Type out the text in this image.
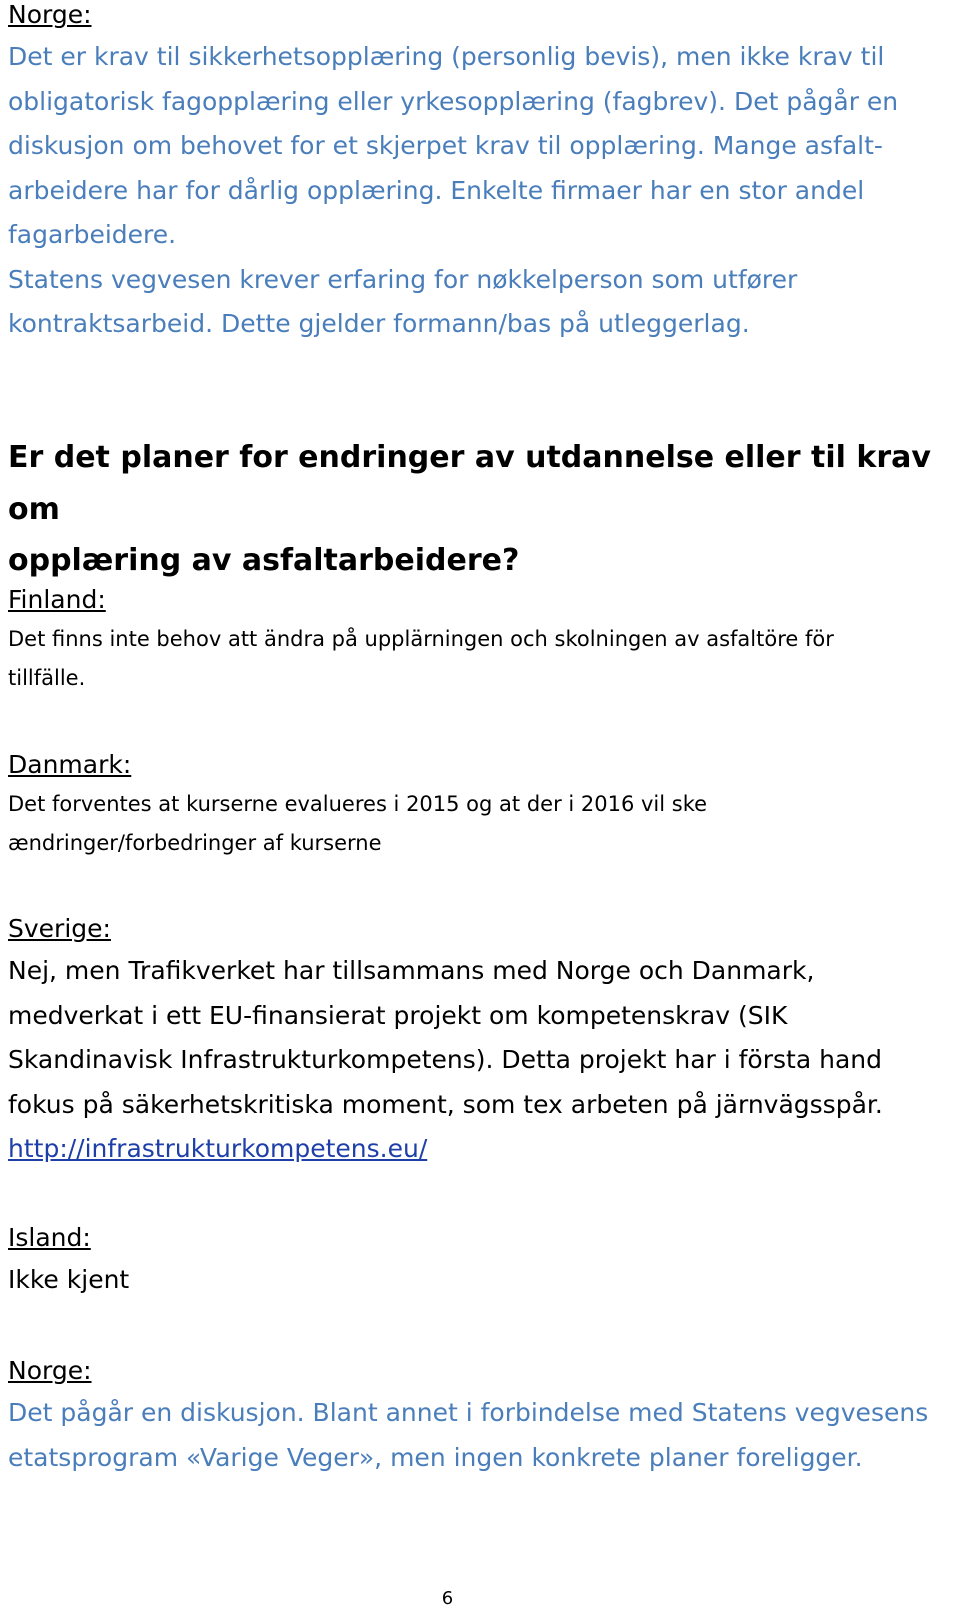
Norge:
Det er krav til sikkerhetsopplæring (personlig bevis), men ikke krav til
obligatorisk fagopplæring eller yrkesopplæring (fagbrev). Det pågår en
diskusjon om behovet for et skjerpet krav til opplæring. Mange asfalt-
arbeidere har for dårlig opplæring. Enkelte firmaer har en stor andel
fagarbeidere.
Statens vegvesen krever erfaring for nøkkelperson som utfører
kontraktsarbeid. Dette gjelder formann/bas på utleggerlag.
Er det planer for endringer av utdannelse eller til krav om
opplæring av asfaltarbeidere?
Finland:
Det finns inte behov att ändra på upplärningen och skolningen av asfaltöre för
tillfälle.
Danmark:
Det forventes at kurserne evalueres i 2015 og at der i 2016 vil ske
ændringer/forbedringer af kurserne
Sverige:
Nej, men Trafikverket har tillsammans med Norge och Danmark,
medverkat i ett EU-finansierat projekt om kompetenskrav (SIK
Skandinavisk Infrastrukturkompetens). Detta projekt har i första hand
fokus på säkerhetskritiska moment, som tex arbeten på järnvägsspår.
http://infrastrukturkompetens.eu/
Island:
Ikke kjent
Norge:
Det pågår en diskusjon. Blant annet i forbindelse med Statens vegvesens
etatsprogram «Varige Veger», men ingen konkrete planer foreligger.
6
